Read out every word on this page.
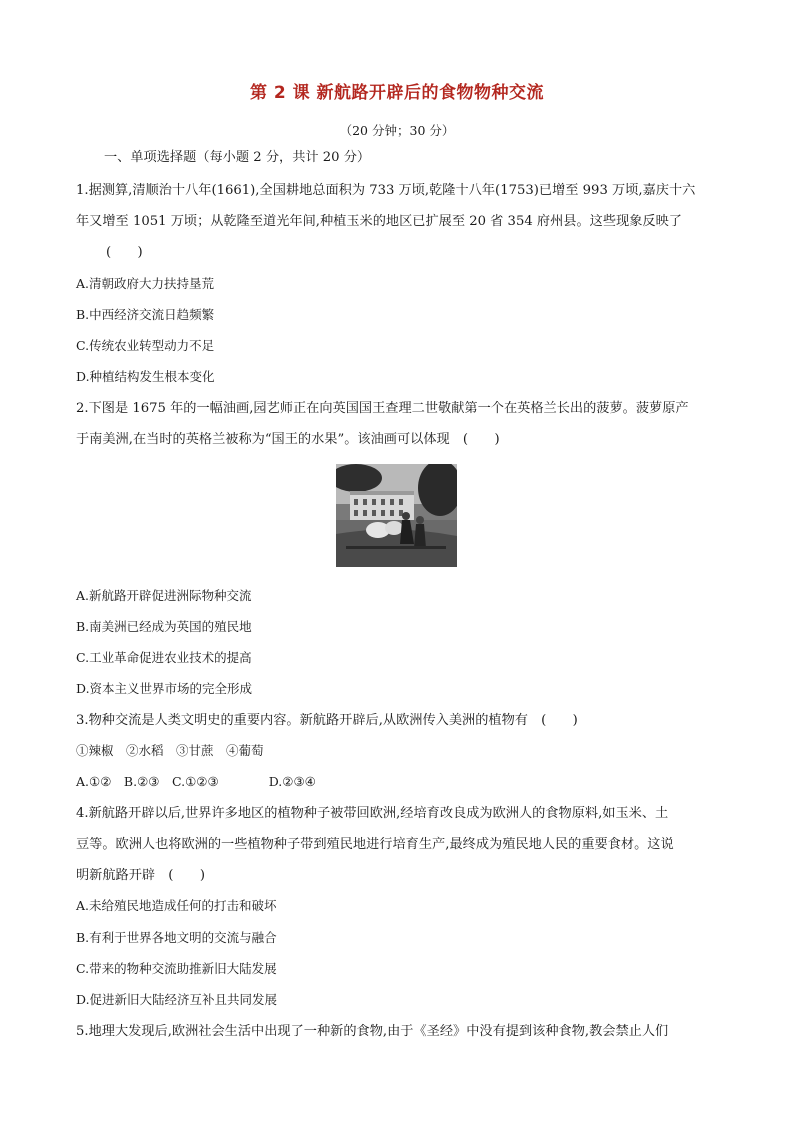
第 2 课 新航路开辟后的食物物种交流
（20 分钟；30 分）
一、单项选择题（每小题 2 分，共计 20 分）
1.据测算,清顺治十八年(1661),全国耕地总面积为 733 万顷,乾隆十八年(1753)已增至 993 万顷,嘉庆十六
年又增至 1051 万顷；从乾隆至道光年间,种植玉米的地区已扩展至 20 省 354 府州县。这些现象反映了
(　　)
A.清朝政府大力扶持垦荒
B.中西经济交流日趋频繁
C.传统农业转型动力不足
D.种植结构发生根本变化
2.下图是 1675 年的一幅油画,园艺师正在向英国国王查理二世敬献第一个在英格兰长出的菠萝。菠萝原产
于南美洲,在当时的英格兰被称为“国王的水果”。该油画可以体现　(　　)
A.新航路开辟促进洲际物种交流
B.南美洲已经成为英国的殖民地
C.工业革命促进农业技术的提高
D.资本主义世界市场的完全形成
3.物种交流是人类文明史的重要内容。新航路开辟后,从欧洲传入美洲的植物有　(　　)
①辣椒　②水稻　③甘蔗　④葡萄
A.①②　B.②③　C.①②③　　　　D.②③④
4.新航路开辟以后,世界许多地区的植物种子被带回欧洲,经培育改良成为欧洲人的食物原料,如玉米、土
豆等。欧洲人也将欧洲的一些植物种子带到殖民地进行培育生产,最终成为殖民地人民的重要食材。这说
明新航路开辟　(　　)
A.未给殖民地造成任何的打击和破坏
B.有利于世界各地文明的交流与融合
C.带来的物种交流助推新旧大陆发展
D.促进新旧大陆经济互补且共同发展
5.地理大发现后,欧洲社会生活中出现了一种新的食物,由于《圣经》中没有提到该种食物,教会禁止人们
